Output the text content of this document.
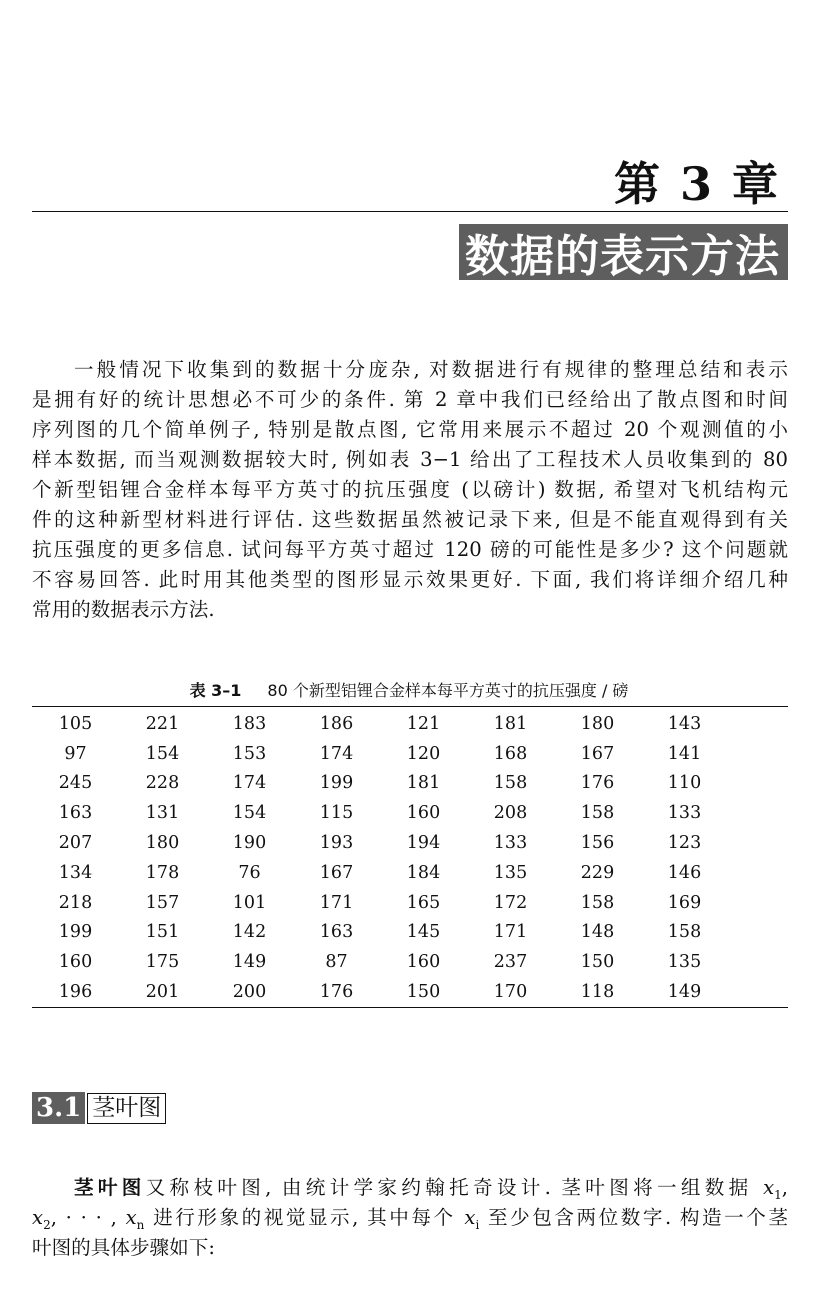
第 3 章
数据的表示方法
一般情况下收集到的数据十分庞杂, 对数据进行有规律的整理总结和表示
是拥有好的统计思想必不可少的条件. 第 2 章中我们已经给出了散点图和时间
序列图的几个简单例子, 特别是散点图, 它常用来展示不超过 20 个观测值的小
样本数据, 而当观测数据较大时, 例如表 3−1 给出了工程技术人员收集到的 80
个新型铝锂合金样本每平方英寸的抗压强度 (以磅计) 数据, 希望对飞机结构元
件的这种新型材料进行评估. 这些数据虽然被记录下来, 但是不能直观得到有关
抗压强度的更多信息. 试问每平方英寸超过 120 磅的可能性是多少? 这个问题就
不容易回答. 此时用其他类型的图形显示效果更好. 下面, 我们将详细介绍几种
常用的数据表示方法.
表 3–1 80 个新型铝锂合金样本每平方英寸的抗压强度 / 磅
105	221	183	186	121	181	180	143	
97	154	153	174	120	168	167	141	
245	228	174	199	181	158	176	110	
163	131	154	115	160	208	158	133	
207	180	190	193	194	133	156	123	
134	178	76	167	184	135	229	146	
218	157	101	171	165	172	158	169	
199	151	142	163	145	171	148	158	
160	175	149	87	160	237	150	135	
196	201	200	176	150	170	118	149	
3.1 茎叶图
茎叶图又称枝叶图, 由统计学家约翰托奇设计. 茎叶图将一组数据 $x_1$,
$x_2$, · · · , $x_n$ 进行形象的视觉显示, 其中每个 $x_i$ 至少包含两位数字. 构造一个茎
叶图的具体步骤如下:
